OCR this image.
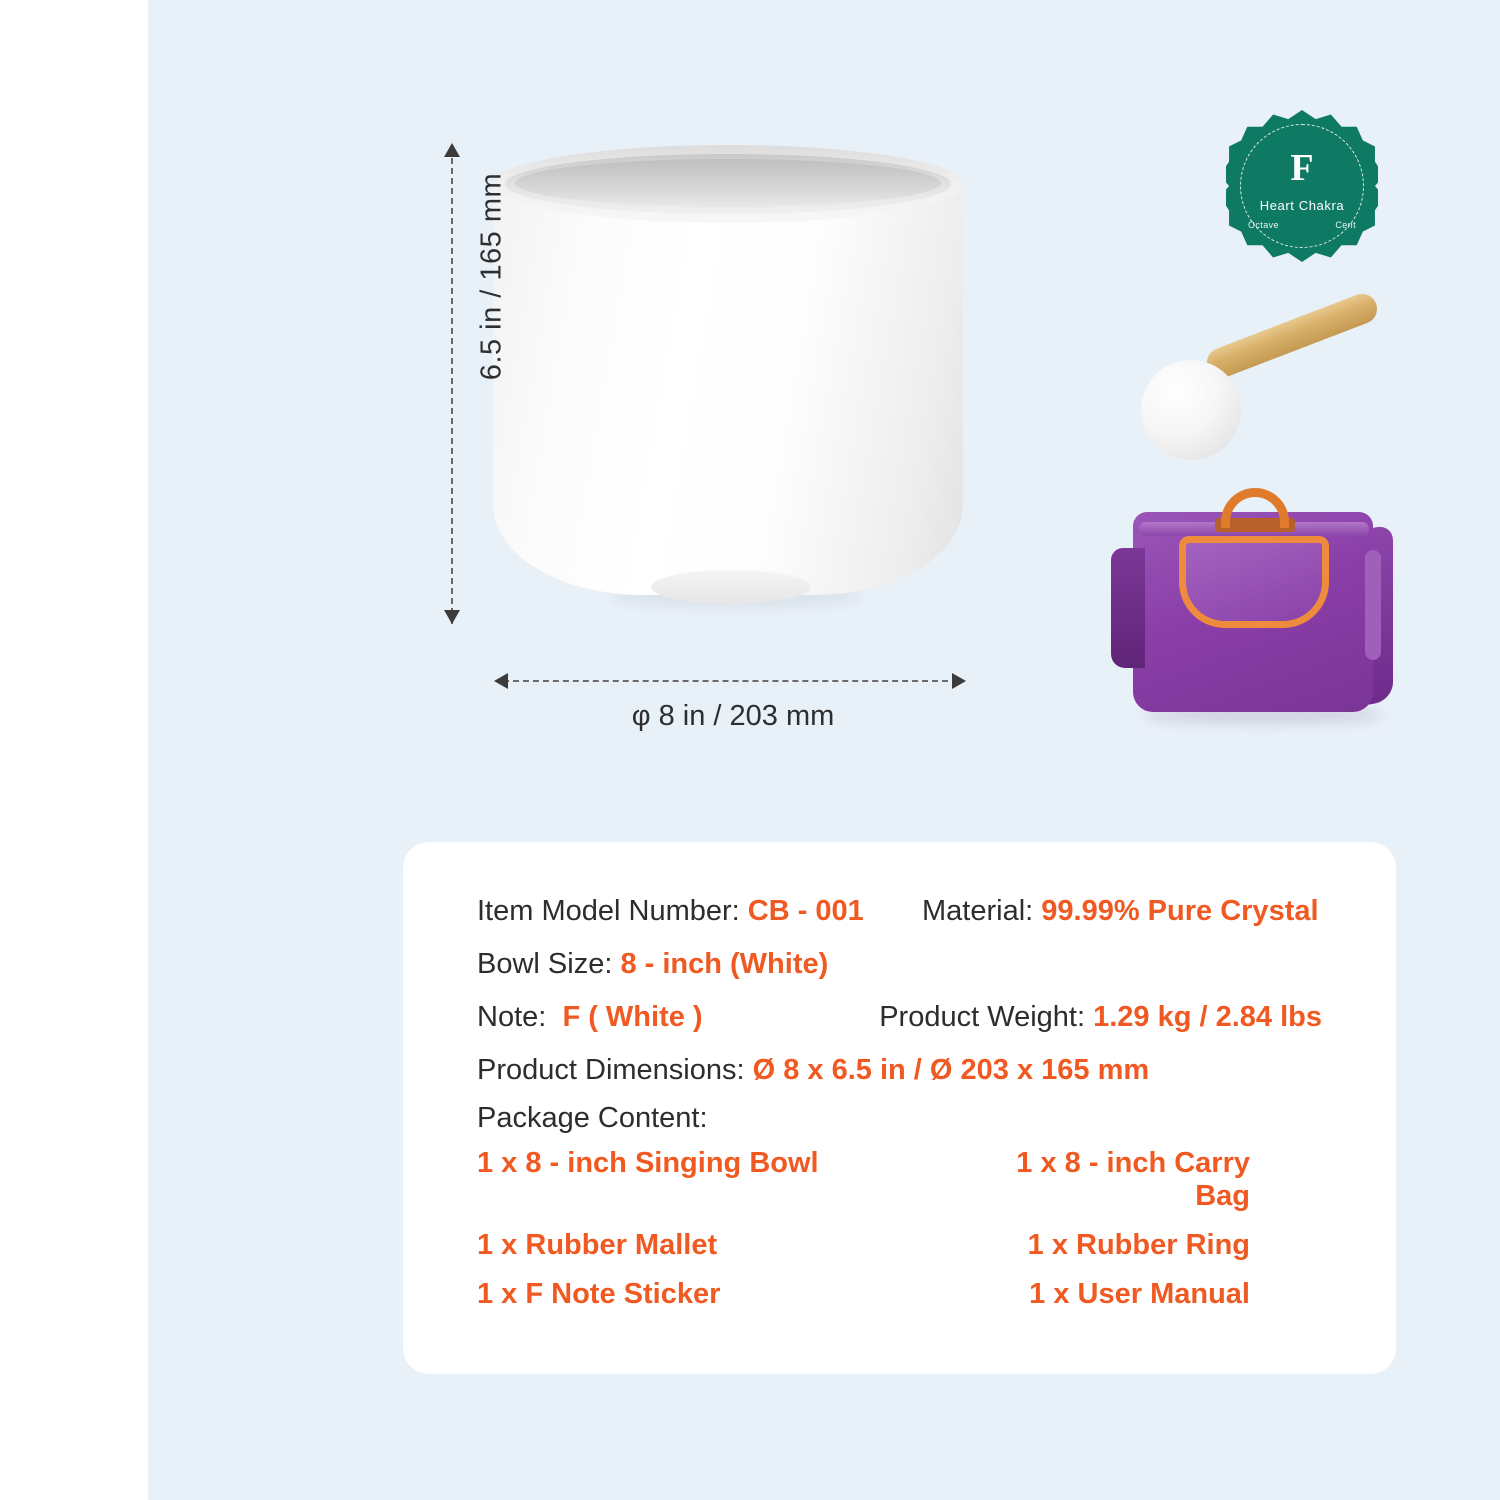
6.5 in / 165 mm
φ 8 in / 203 mm
F
Heart Chakra
Octave	Cent
Item Model Number: CB - 001 Material: 99.99% Pure Crystal
Bowl Size: 8 - inch (White)
Note: F ( White )	Product Weight: 1.29 kg / 2.84 lbs
Product Dimensions: Ø 8 x 6.5 in / Ø 203 x 165 mm
Package Content:
1 x 8 - inch Singing Bowl	1 x 8 - inch Carry Bag
1 x Rubber Mallet	1 x Rubber Ring
1 x F Note Sticker	1 x User Manual
